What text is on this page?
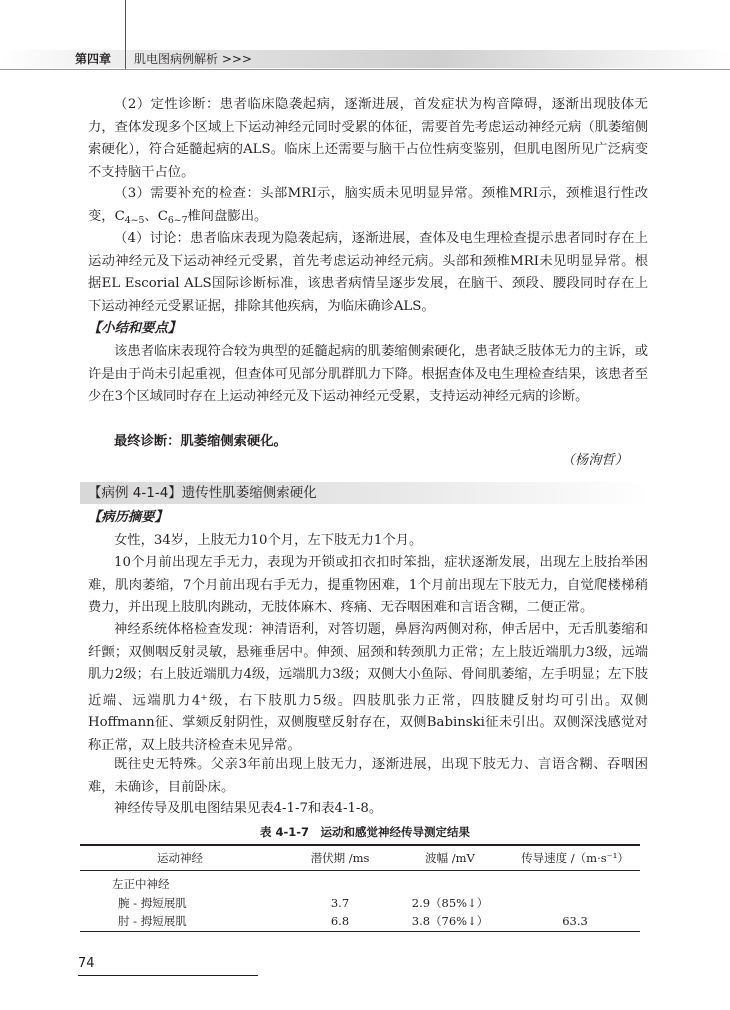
第四章 肌电图病例解析 >>>

（2）定性诊断：患者临床隐袭起病，逐渐进展，首发症状为构音障碍，逐渐出现肢体无力，查体发现多个区域上下运动神经元同时受累的体征，需要首先考虑运动神经元病（肌萎缩侧索硬化），符合延髓起病的ALS。临床上还需要与脑干占位性病变鉴别，但肌电图所见广泛病变不支持脑干占位。

（3）需要补充的检查：头部MRI示，脑实质未见明显异常。颈椎MRI示，颈椎退行性改变，$C_{4\sim 5}$、$C_{6\sim 7}$椎间盘膨出。

（4）讨论：患者临床表现为隐袭起病，逐渐进展，查体及电生理检查提示患者同时存在上运动神经元及下运动神经元受累，首先考虑运动神经元病。头部和颈椎MRI未见明显异常。根据EL Escorial ALS国际诊断标准，该患者病情呈逐步发展，在脑干、颈段、腰段同时存在上下运动神经元受累证据，排除其他疾病，为临床确诊ALS。

【小结和要点】

该患者临床表现符合较为典型的延髓起病的肌萎缩侧索硬化，患者缺乏肢体无力的主诉，或许是由于尚未引起重视，但查体可见部分肌群肌力下降。根据查体及电生理检查结果，该患者至少在3个区域同时存在上运动神经元及下运动神经元受累，支持运动神经元病的诊断。

最终诊断：肌萎缩侧索硬化。

（杨洵哲）

【病例 4-1-4】遗传性肌萎缩侧索硬化

【病历摘要】

女性，34岁，上肢无力10个月，左下肢无力1个月。

10个月前出现左手无力，表现为开锁或扣衣扣时笨拙，症状逐渐发展，出现左上肢抬举困难，肌肉萎缩，7个月前出现右手无力，提重物困难，1个月前出现左下肢无力，自觉爬楼梯稍费力，并出现上肢肌肉跳动，无肢体麻木、疼痛、无吞咽困难和言语含糊，二便正常。

神经系统体格检查发现：神清语利，对答切题，鼻唇沟两侧对称，伸舌居中，无舌肌萎缩和纤颤；双侧咽反射灵敏，悬雍垂居中。伸颈、屈颈和转颈肌力正常；左上肢近端肌力3级，远端肌力2级；右上肢近端肌力4级，远端肌力3级；双侧大小鱼际、骨间肌萎缩，左手明显；左下肢近端、远端肌力4+级，右下肢肌力5级。四肢肌张力正常，四肢腱反射均可引出。双侧Hoffmann征、掌颏反射阴性，双侧腹壁反射存在，双侧Babinski征未引出。双侧深浅感觉对称正常，双上肢共济检查未见异常。

既往史无特殊。父亲3年前出现上肢无力，逐渐进展，出现下肢无力、言语含糊、吞咽困难，未确诊，目前卧床。

神经传导及肌电图结果见表4-1-7和表4-1-8。

表 4-1-7　运动和感觉神经传导测定结果
运动神经	潜伏期 /ms	波幅 /mV	传导速度 /（m·s⁻¹）
左正中神经
腕 - 拇短展肌	3.7	2.9（85%↓）
肘 - 拇短展肌	6.8	3.8（76%↓）	63.3
74
